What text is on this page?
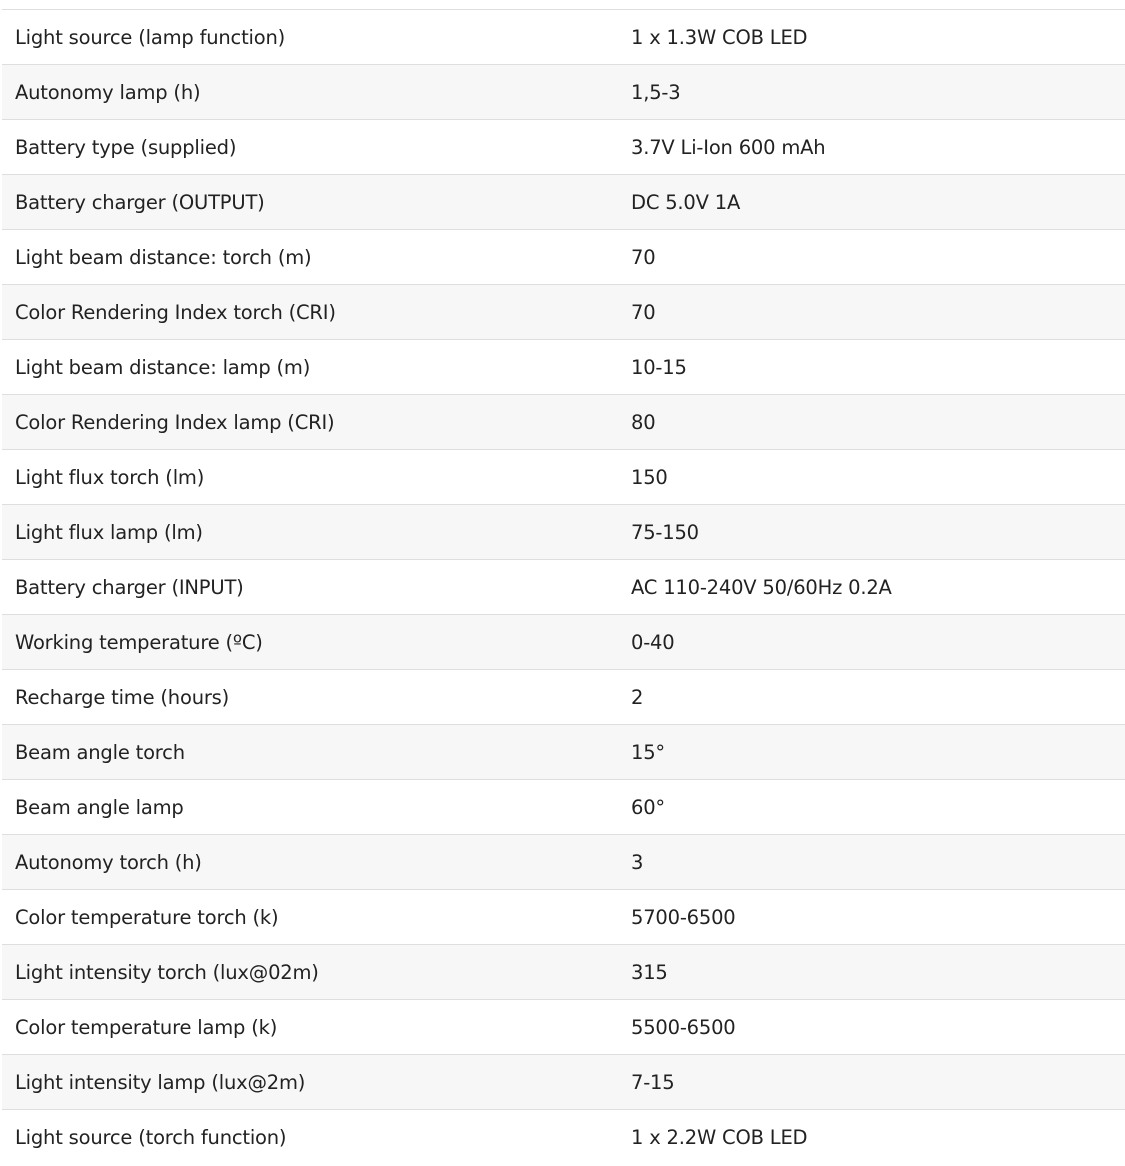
Light source (lamp function)	1 x 1.3W COB LED
Autonomy lamp (h)	1,5-3
Battery type (supplied)	3.7V Li-Ion 600 mAh
Battery charger (OUTPUT)	DC 5.0V 1A
Light beam distance: torch (m)	70
Color Rendering Index torch (CRI)	70
Light beam distance: lamp (m)	10-15
Color Rendering Index lamp (CRI)	80
Light flux torch (lm)	150
Light flux lamp (lm)	75-150
Battery charger (INPUT)	AC 110-240V 50/60Hz 0.2A
Working temperature (ºC)	0-40
Recharge time (hours)	2
Beam angle torch	15°
Beam angle lamp	60°
Autonomy torch (h)	3
Color temperature torch (k)	5700-6500
Light intensity torch (lux@02m)	315
Color temperature lamp (k)	5500-6500
Light intensity lamp (lux@2m)	7-15
Light source (torch function)	1 x 2.2W COB LED
